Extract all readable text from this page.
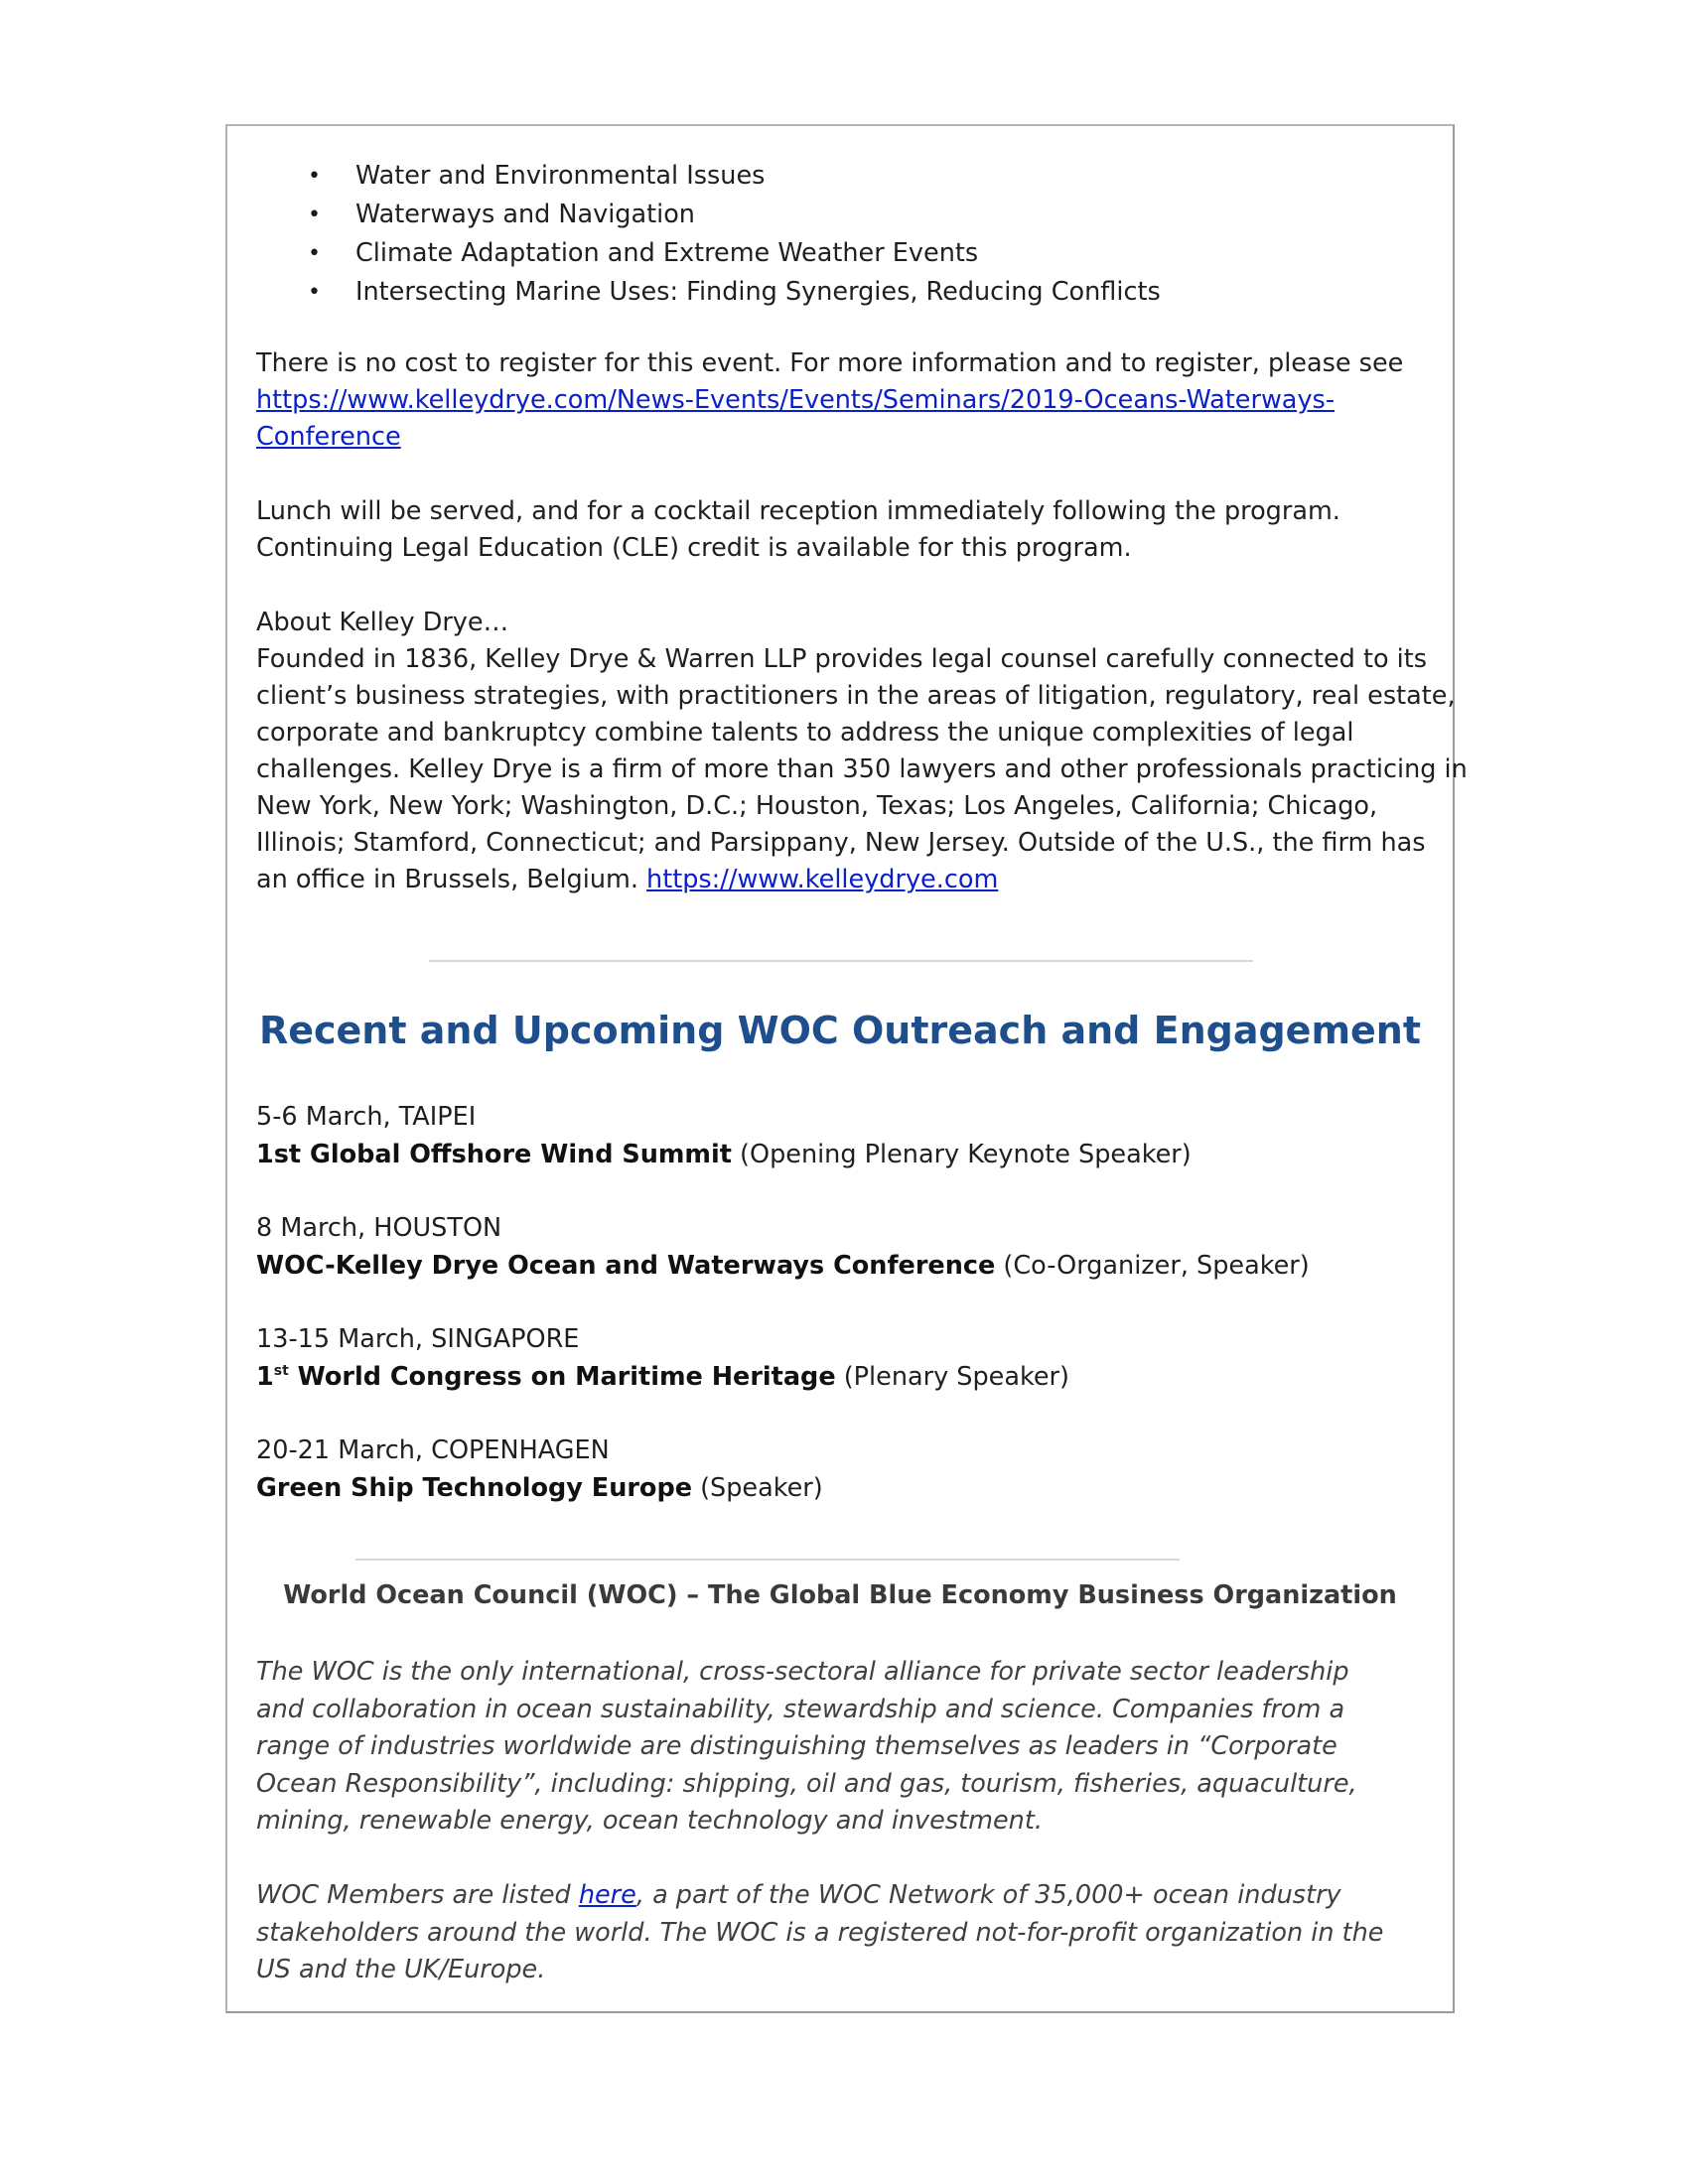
• Water and Environmental Issues
• Waterways and Navigation
• Climate Adaptation and Extreme Weather Events
• Intersecting Marine Uses: Finding Synergies, Reducing Conflicts
There is no cost to register for this event. For more information and to register, please see
https://www.kelleydrye.com/News-Events/Events/Seminars/2019-Oceans-Waterways-
Conference
Lunch will be served, and for a cocktail reception immediately following the program.
Continuing Legal Education (CLE) credit is available for this program.
About Kelley Drye…
Founded in 1836, Kelley Drye & Warren LLP provides legal counsel carefully connected to its
client’s business strategies, with practitioners in the areas of litigation, regulatory, real estate,
corporate and bankruptcy combine talents to address the unique complexities of legal
challenges. Kelley Drye is a firm of more than 350 lawyers and other professionals practicing in
New York, New York; Washington, D.C.; Houston, Texas; Los Angeles, California; Chicago,
Illinois; Stamford, Connecticut; and Parsippany, New Jersey. Outside of the U.S., the firm has
an office in Brussels, Belgium. https://www.kelleydrye.com
Recent and Upcoming WOC Outreach and Engagement
5-6 March, TAIPEI
1st Global Offshore Wind Summit (Opening Plenary Keynote Speaker)
8 March, HOUSTON
WOC-Kelley Drye Ocean and Waterways Conference (Co-Organizer, Speaker)
13-15 March, SINGAPORE
1st World Congress on Maritime Heritage (Plenary Speaker)
20-21 March, COPENHAGEN
Green Ship Technology Europe (Speaker)
World Ocean Council (WOC) – The Global Blue Economy Business Organization
The WOC is the only international, cross-sectoral alliance for private sector leadership
and collaboration in ocean sustainability, stewardship and science. Companies from a
range of industries worldwide are distinguishing themselves as leaders in “Corporate
Ocean Responsibility”, including: shipping, oil and gas, tourism, fisheries, aquaculture,
mining, renewable energy, ocean technology and investment.
WOC Members are listed here, a part of the WOC Network of 35,000+ ocean industry
stakeholders around the world. The WOC is a registered not-for-profit organization in the
US and the UK/Europe.
